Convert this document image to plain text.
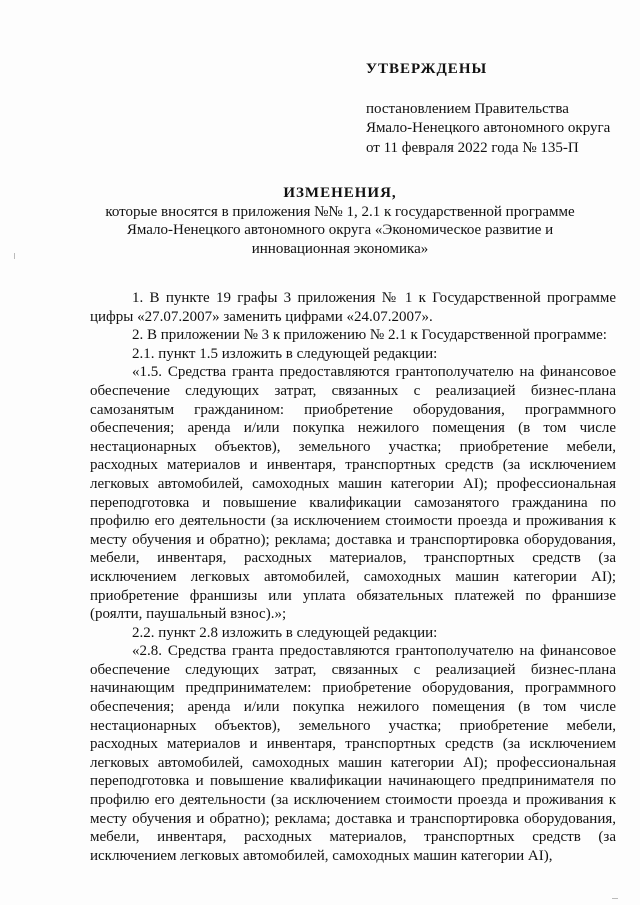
УТВЕРЖДЕНЫ
постановлением Правительства
Ямало-Ненецкого автономного округа
от 11 февраля 2022 года № 135-П
ИЗМЕНЕНИЯ,
которые вносятся в приложения №№ 1, 2.1 к государственной программе
Ямало-Ненецкого автономного округа «Экономическое развитие и
инновационная экономика»
1. В пункте 19 графы 3 приложения № 1 к Государственной программе
цифры «27.07.2007» заменить цифрами «24.07.2007».
2. В приложении № 3 к приложению № 2.1 к Государственной программе:
2.1. пункт 1.5 изложить в следующей редакции:
«1.5. Средства гранта предоставляются грантополучателю на финансовое
обеспечение следующих затрат, связанных с реализацией бизнес-плана
самозанятым гражданином: приобретение оборудования, программного
обеспечения; аренда и/или покупка нежилого помещения (в том числе
нестационарных объектов), земельного участка; приобретение мебели,
расходных материалов и инвентаря, транспортных средств (за исключением
легковых автомобилей, самоходных машин категории AI); профессиональная
переподготовка и повышение квалификации самозанятого гражданина по
профилю его деятельности (за исключением стоимости проезда и проживания к
месту обучения и обратно); реклама; доставка и транспортировка оборудования,
мебели, инвентаря, расходных материалов, транспортных средств (за
исключением легковых автомобилей, самоходных машин категории AI);
приобретение франшизы или уплата обязательных платежей по франшизе
(роялти, паушальный взнос).»;
2.2. пункт 2.8 изложить в следующей редакции:
«2.8. Средства гранта предоставляются грантополучателю на финансовое
обеспечение следующих затрат, связанных с реализацией бизнес-плана
начинающим предпринимателем: приобретение оборудования, программного
обеспечения; аренда и/или покупка нежилого помещения (в том числе
нестационарных объектов), земельного участка; приобретение мебели,
расходных материалов и инвентаря, транспортных средств (за исключением
легковых автомобилей, самоходных машин категории AI); профессиональная
переподготовка и повышение квалификации начинающего предпринимателя по
профилю его деятельности (за исключением стоимости проезда и проживания к
месту обучения и обратно); реклама; доставка и транспортировка оборудования,
мебели, инвентаря, расходных материалов, транспортных средств (за
исключением легковых автомобилей, самоходных машин категории AI),
